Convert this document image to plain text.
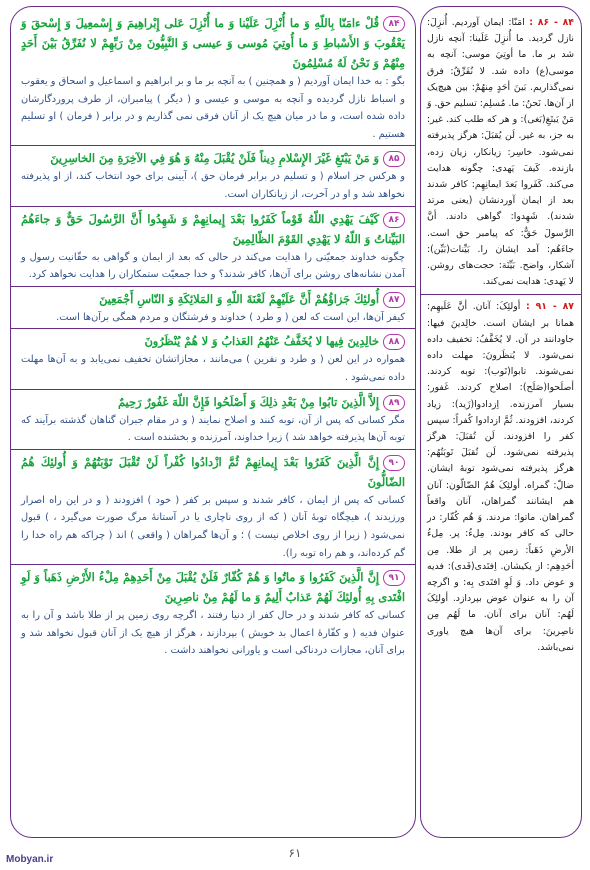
۸۴قُلْ ءامَنّا بِاللّهِ وَ ما أُنْزِلَ عَلَيْنا وَ ما أُنْزِلَ عَلى إِبْراهِيمَ وَ إِسْمعِيلَ وَ إِسْحقَ وَ يَعْقُوبَ وَ الأَسْباطِ وَ ما أُوتِيَ مُوسى وَ عيسى وَ النَّبِيُّونَ مِنْ رَبِّهِمْ لا نُفَرِّقُ بَيْنَ أَحَدٍ مِنْهُمْ وَ نَحْنُ لَهُ مُسْلِمُونَ
بگو : به خدا ایمان آوردیم ( و همچنین ) به آنچه بر ما و بر ابراهیم و اسماعیل و اسحاق و یعقوب و اسباط نازل گردیده و آنچه به موسی و عیسی و ( دیگر ) پیامبران، از طرف پروردگارشان داده شده است، و ما در میان هیچ یک از آنان فرقی نمی گذاریم و در برابر ( فرمان ) او تسلیم هستیم .
۸۵وَ مَنْ يَبْتَغِ غَيْرَ الإِسْلامِ دِيناً فَلَنْ يُقْبَلَ مِنْهُ وَ هُوَ فِي الآخِرَةِ مِنَ الخاسِرِينَ
و هرکس جز اسلام ( و تسلیم در برابر فرمان حق )، آیینی برای خود انتخاب کند، از او پذیرفته نخواهد شد و او در آخرت، از زیانکاران است.
۸۶كَيْفَ يَهْدِي اللّهُ قَوْماً كَفَرُوا بَعْدَ إِيمانِهِمْ وَ شَهِدُوا أَنَّ الرَّسُولَ حَقٌّ وَ جاءَهُمُ البَيِّناتُ وَ اللّهُ لا يَهْدِي القَوْمَ الظّالِمِينَ
چگونه خداوند جمعیّتی را هدایت می‌کند در حالی که بعد از ایمان و گواهی به حقّانیت رسول و آمدن نشانه‌های روشن برای آن‌ها، کافر شدند؟ و خدا جمعیّت ستمکاران را هدایت نخواهد کرد.
۸۷أُولئِكَ جَزاؤُهُمْ أَنَّ عَلَيْهِمْ لَعْنَةَ اللّهِ وَ المَلائِكَةِ وَ النّاسِ أَجْمَعِينَ
کیفر آن‌ها، این است که لعن ( و طرد ) خداوند و فرشتگان و مردم همگی برآن‌ها است.
۸۸خالِدِينَ فِيها لا يُخَفَّفُ عَنْهُمُ العَذابُ وَ لا هُمْ يُنْظَرُونَ
همواره در این لعن ( و طرد و نفرین ) می‌مانند ، مجازاتشان تخفیف نمی‌یابد و به آن‌ها مهلت داده نمی‌شود .
۸۹إِلاَّ الَّذِينَ تابُوا مِنْ بَعْدِ ذلِكَ وَ أَصْلَحُوا فَإِنَّ اللّهَ غَفُورٌ رَحِيمٌ
مگر کسانی که پس از آن، توبه کنند و اصلاح نمایند ( و در مقام جبران گناهان گذشته برآیند که توبه آن‌ها پذیرفته خواهد شد ) زیرا خداوند، آمرزنده و بخشنده است .
۹۰إِنَّ الَّذِينَ كَفَرُوا بَعْدَ إِيمانِهِمْ ثُمَّ ازْدادُوا كُفْراً لَنْ تُقْبَلَ تَوْبَتُهُمْ وَ أُولئِكَ هُمُ الضّالُّونَ
کسانی که پس از ایمان ، کافر شدند و سپس بر کفر ( خود ) افزودند ( و در این راه اصرار ورزیدند )، هیچگاه توبهٔ آنان ( که از روی ناچاری یا در آستانهٔ مرگ صورت می‌گیرد ، ) قبول نمی‌شود ( زیرا از روی اخلاص نیست ) ؛ و آن‌ها گمراهان ( واقعی ) اند ( چراکه هم راه خدا را گم کرده‌اند، و هم راه توبه را).
۹۱إِنَّ الَّذِينَ كَفَرُوا وَ ماتُوا وَ هُمْ كُفّارٌ فَلَنْ يُقْبَلَ مِنْ أَحَدِهِمْ مِلْءُ الأَرْضِ ذَهَباً وَ لَوِ افْتَدى بِهِ أُولئِكَ لَهُمْ عَذابٌ أَلِيمٌ وَ ما لَهُمْ مِنْ ناصِرِينَ
کسانی که کافر شدند و در حال کفر از دنیا رفتند ، اگرچه روی زمین پر از طلا باشد و آن را به عنوان فدیه ( و کفّارهٔ اعمال بد خویش ) بپردازند ، هرگز از هیچ یک از آنان قبول نخواهد شد و برای آنان، مجازات دردناکی است و یاورانی نخواهند داشت .
۸۴ - ۸۶ : امَنّا: ایمان آوردیم. أُنزِلَ: نازل گردید. ما أُنزِلَ عَلَینا: آنچه نازل شد بر ما. ما أوتِيَ موسى: آنچه به موسی(ع) داده شد. لا نُفَرِّقُ: فرق نمی‌گذاریم. بَینَ أحَدٍ مِنهُمْ: بین هیچ‌یک از آن‌ها. نَحنُ: ما. مُسلِم: تسلیم حق. وَ مَنْ یَبتَغِ(بَغی): و هر که طلب کند. غیر: به جز، به غیر. لَن یُقبَلَ: هرگز پذیرفته نمی‌شود. خاسِر: زیانکار، زیان زده، بازنده. کَیفَ یَهدی: چگونه هدایت می‌کند. کَفَروا بَعدَ ایمانِهِم: کافر شدند بعد از ایمان آوردنشان (یعنی مرتد شدند). شَهِدوا: گواهی دادند. أنَّ الرَّسولَ حَقٌّ: که پیامبر حق است. جاءَهُم: آمد ایشان را. بَیِّنات(بَیِّن): آشکار، واضح. بَیِّنَة: حجت‌های روشن. لا یَهدی: هدایت نمی‌کند.
۸۷ - ۹۱ : أولئِکَ: آنان. أنَّ عَلَیهِم: همانا بر ایشان است. خالِدینَ فیها: جاودانند در آن. لا یُخَفَّفُ: تخفیف داده نمی‌شود. لا یُنظَرونَ: مهلت داده نمی‌شوند. تابوا(تَوب): توبه کردند. أصلَحوا(صَلَح): اصلاح کردند. غَفور: بسیار آمرزنده. اِزدادوا(زَید): زیاد کردند، افزودند. ثُمَّ ازدادوا کُفراً: سپس کفر را افزودند. لَن تُقبَلَ: هرگز پذیرفته نمی‌شود. لَن تُقبَلَ تَوبَتُهُم: هرگز پذیرفته نمی‌شود توبهٔ ایشان. ضالّ: گمراه. أولئِکَ هُمُ الضّالّون: آنان هم ایشانند گمراهان، آنان واقعاً گمراهان. ماتوا: مردند. وَ هُم کُفّار: در حالی که کافر بودند. مِلءُ: پر. مِلءُ الأرضِ ذَهَباً: زمین پر از طلا. مِن أحَدِهِم: از یکیشان. اِفتَدی(فَدی): فدیه و عوض داد. وَ لَوِ افتَدی بِه: و اگرچه آن را به عنوان عوض بپردازد. أولئِکَ لَهُم: آنان برای آنان. ما لَهُم مِن ناصِرینَ: برای آن‌ها هیچ یاوری نمی‌باشد.
۶۱
Mobyan.ir
